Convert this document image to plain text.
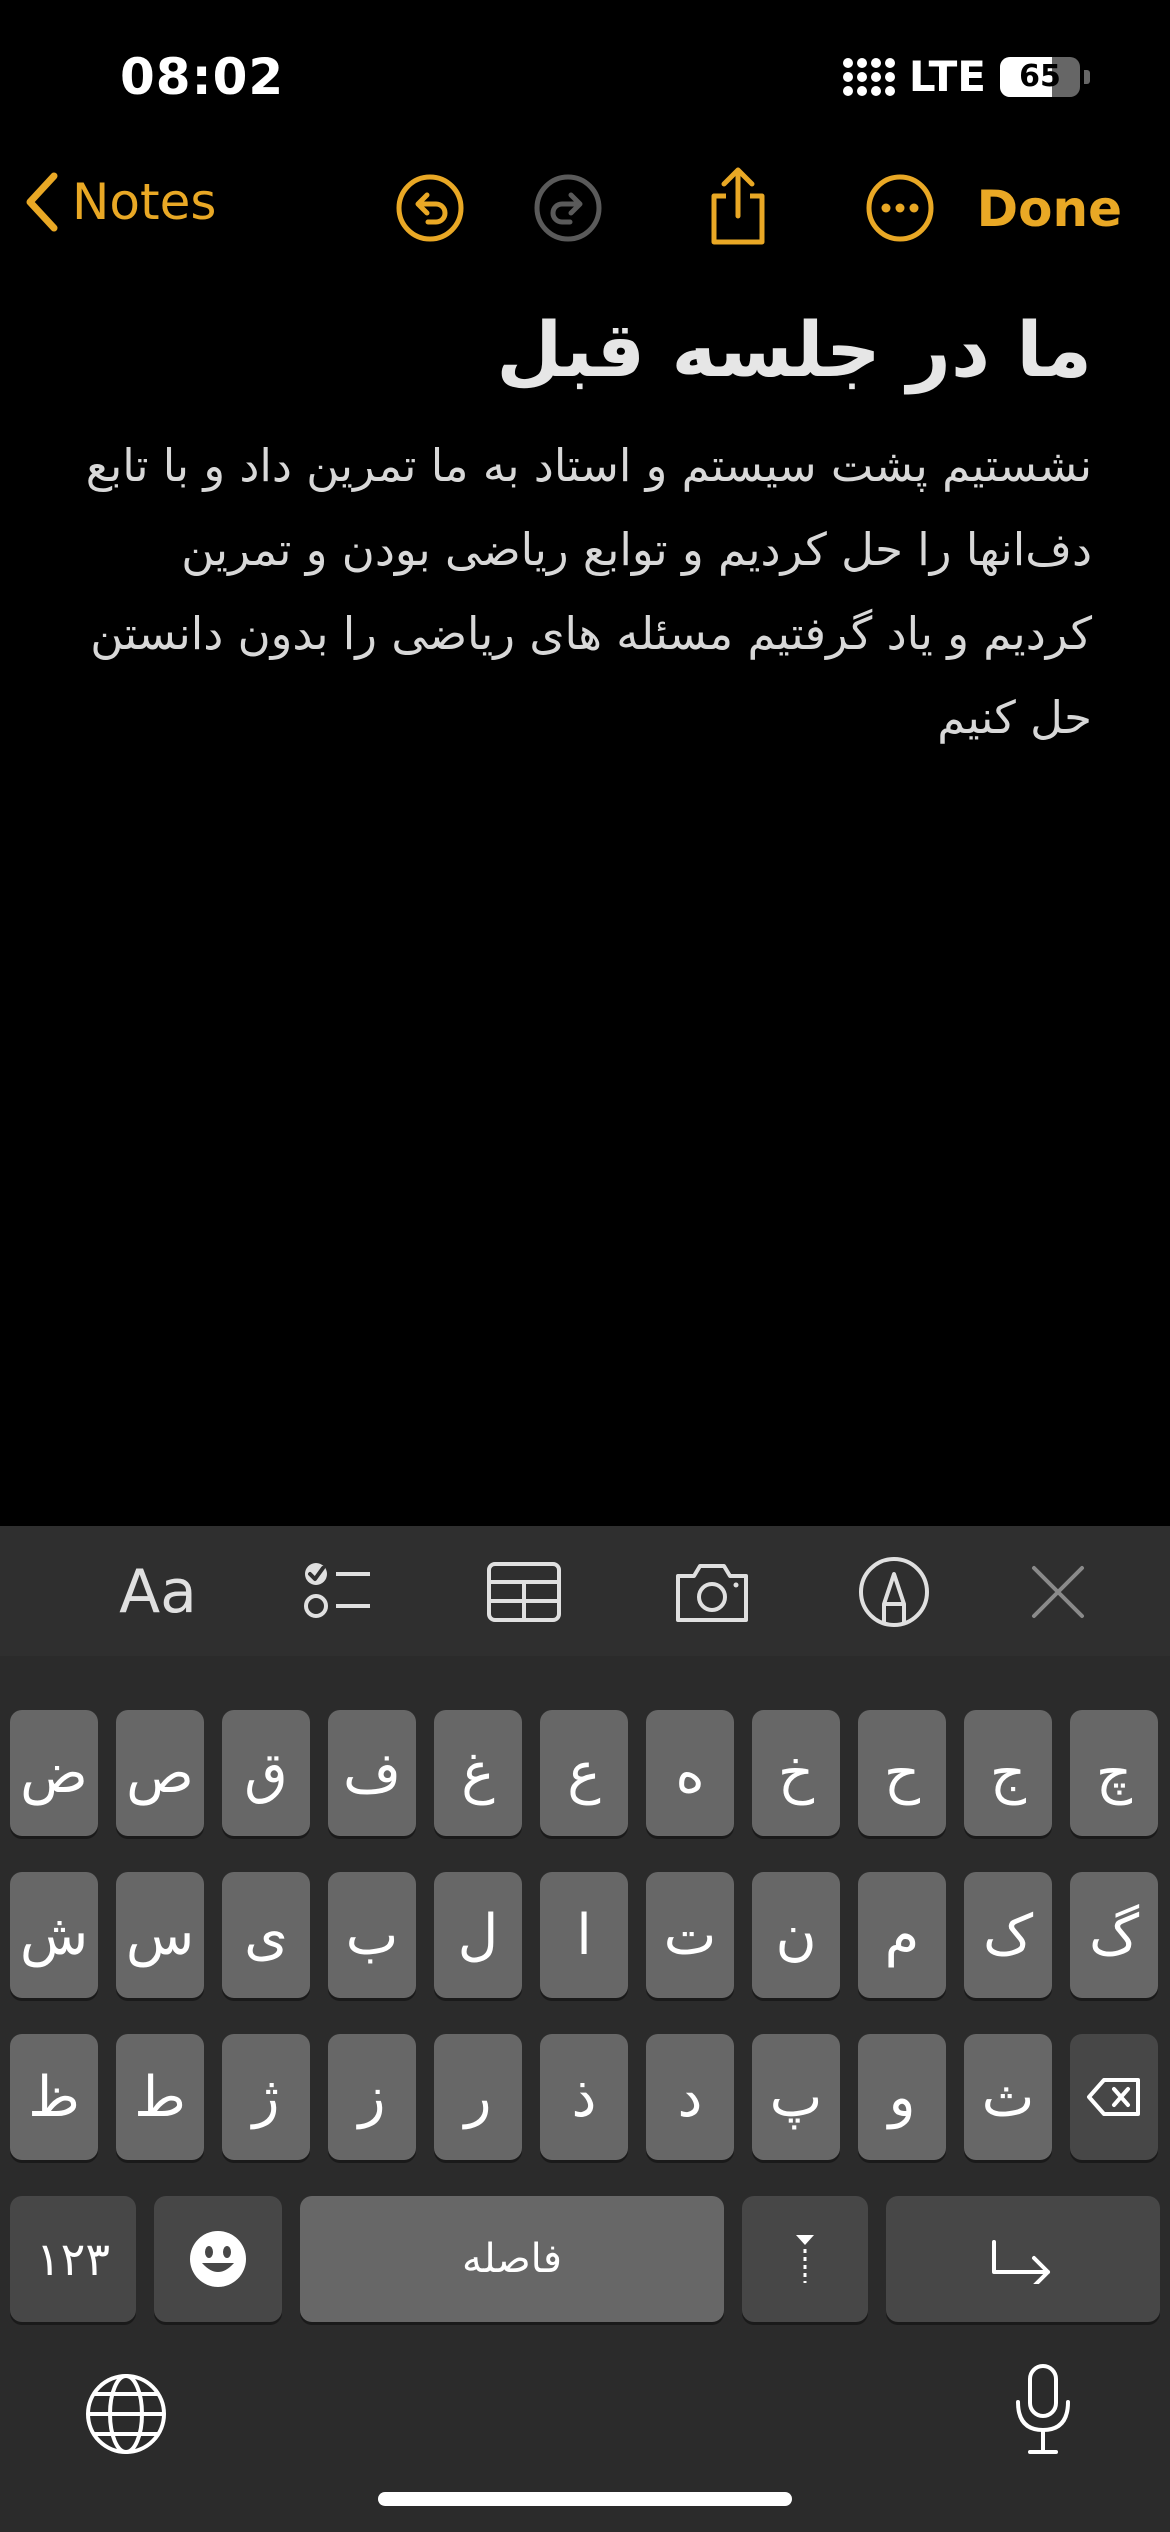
08:02	LTE	65
Notes	Done
ما در جلسه قبل
نشستیم پشت سیستم و استاد به ما تمرین داد و با تابع دف‌انها را حل کردیم و توابع ریاضی بودن و تمرین کردیم و یاد گرفتیم مسئله های ریاضی را بدون دانستن حل کنیم
Aa
ض ص ق ف	غ	ع	ه	خ	ح	ج	چ
ش س ی	ب	ل	ا	ت	ن	م	ک گ
ظ ط	ژ	ز	ر	ذ	د	پ	و	ث
۱۲۳	فاصله
